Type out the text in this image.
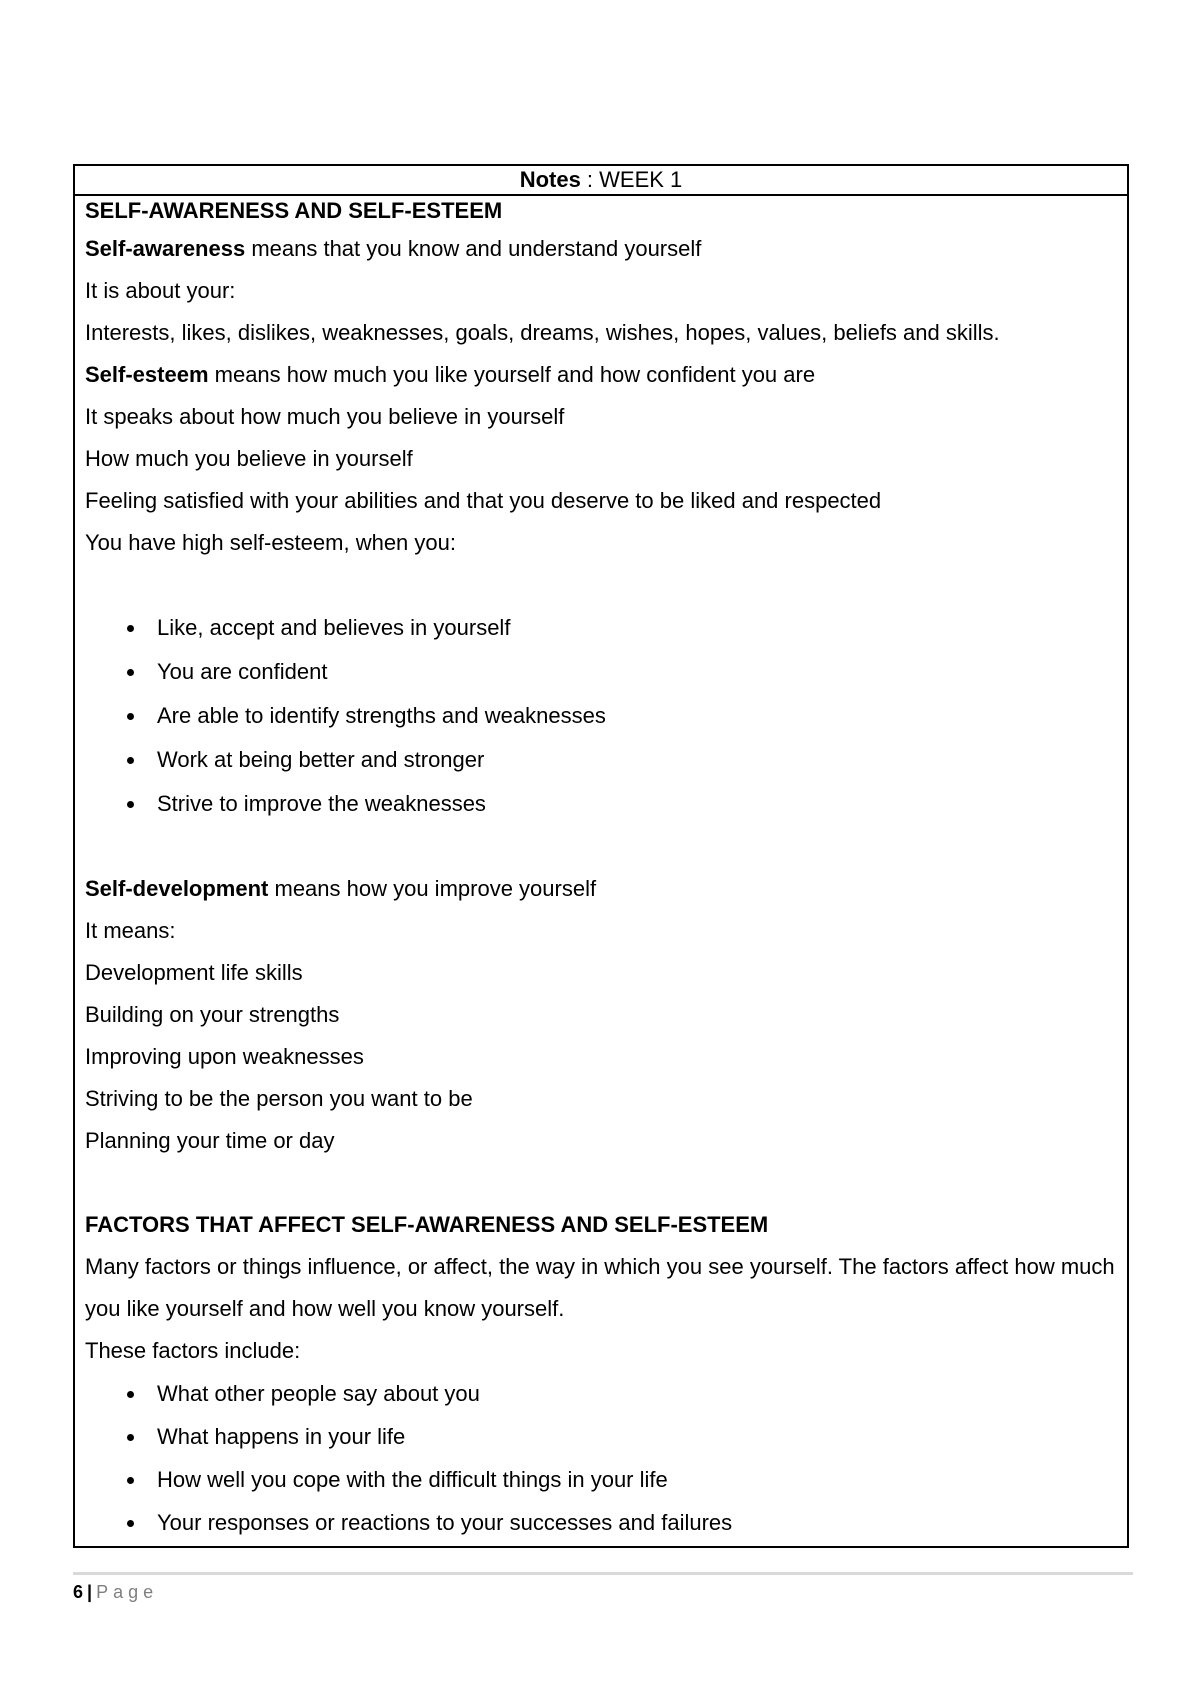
Notes : WEEK 1

SELF-AWARENESS AND SELF-ESTEEM

Self-awareness means that you know and understand yourself

It is about your:

Interests, likes, dislikes, weaknesses, goals, dreams, wishes, hopes, values, beliefs and skills.

Self-esteem means how much you like yourself and how confident you are

It speaks about how much you believe in yourself

How much you believe in yourself

Feeling satisfied with your abilities and that you deserve to be liked and respected

You have high self-esteem, when you:

Like, accept and believes in yourself
You are confident
Are able to identify strengths and weaknesses
Work at being better and stronger
Strive to improve the weaknesses

Self-development means how you improve yourself

It means:

Development life skills

Building on your strengths

Improving upon weaknesses

Striving to be the person you want to be

Planning your time or day

FACTORS THAT AFFECT SELF-AWARENESS AND SELF-ESTEEM

Many factors or things influence, or affect, the way in which you see yourself. The factors affect how much you like yourself and how well you know yourself.

These factors include:

What other people say about you
What happens in your life
How well you cope with the difficult things in your life
Your responses or reactions to your successes and failures
6 | Page
